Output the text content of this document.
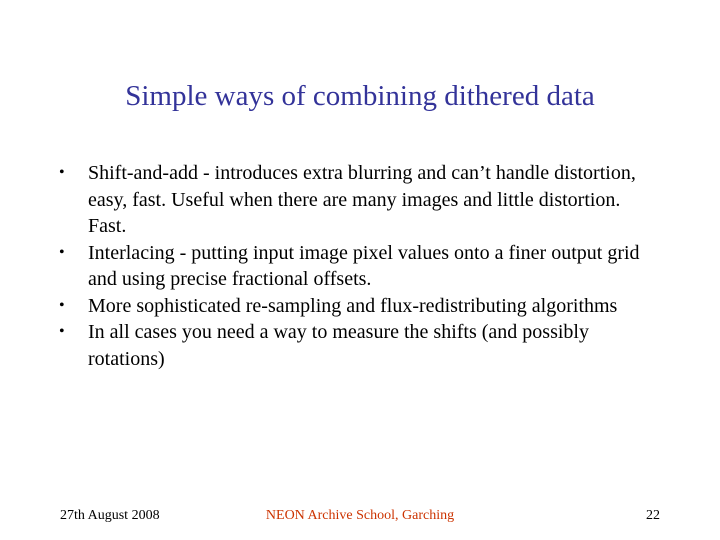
Simple ways of combining dithered data
• Shift-and-add - introduces extra blurring and can’t handle distortion, easy, fast. Useful when there are many images and little distortion. Fast.
• Interlacing - putting input image pixel values onto a finer output grid and using precise fractional offsets.
• More sophisticated re-sampling and flux-redistributing algorithms
• In all cases you need a way to measure the shifts (and possibly rotations)
27th August 2008	NEON Archive School, Garching	22
